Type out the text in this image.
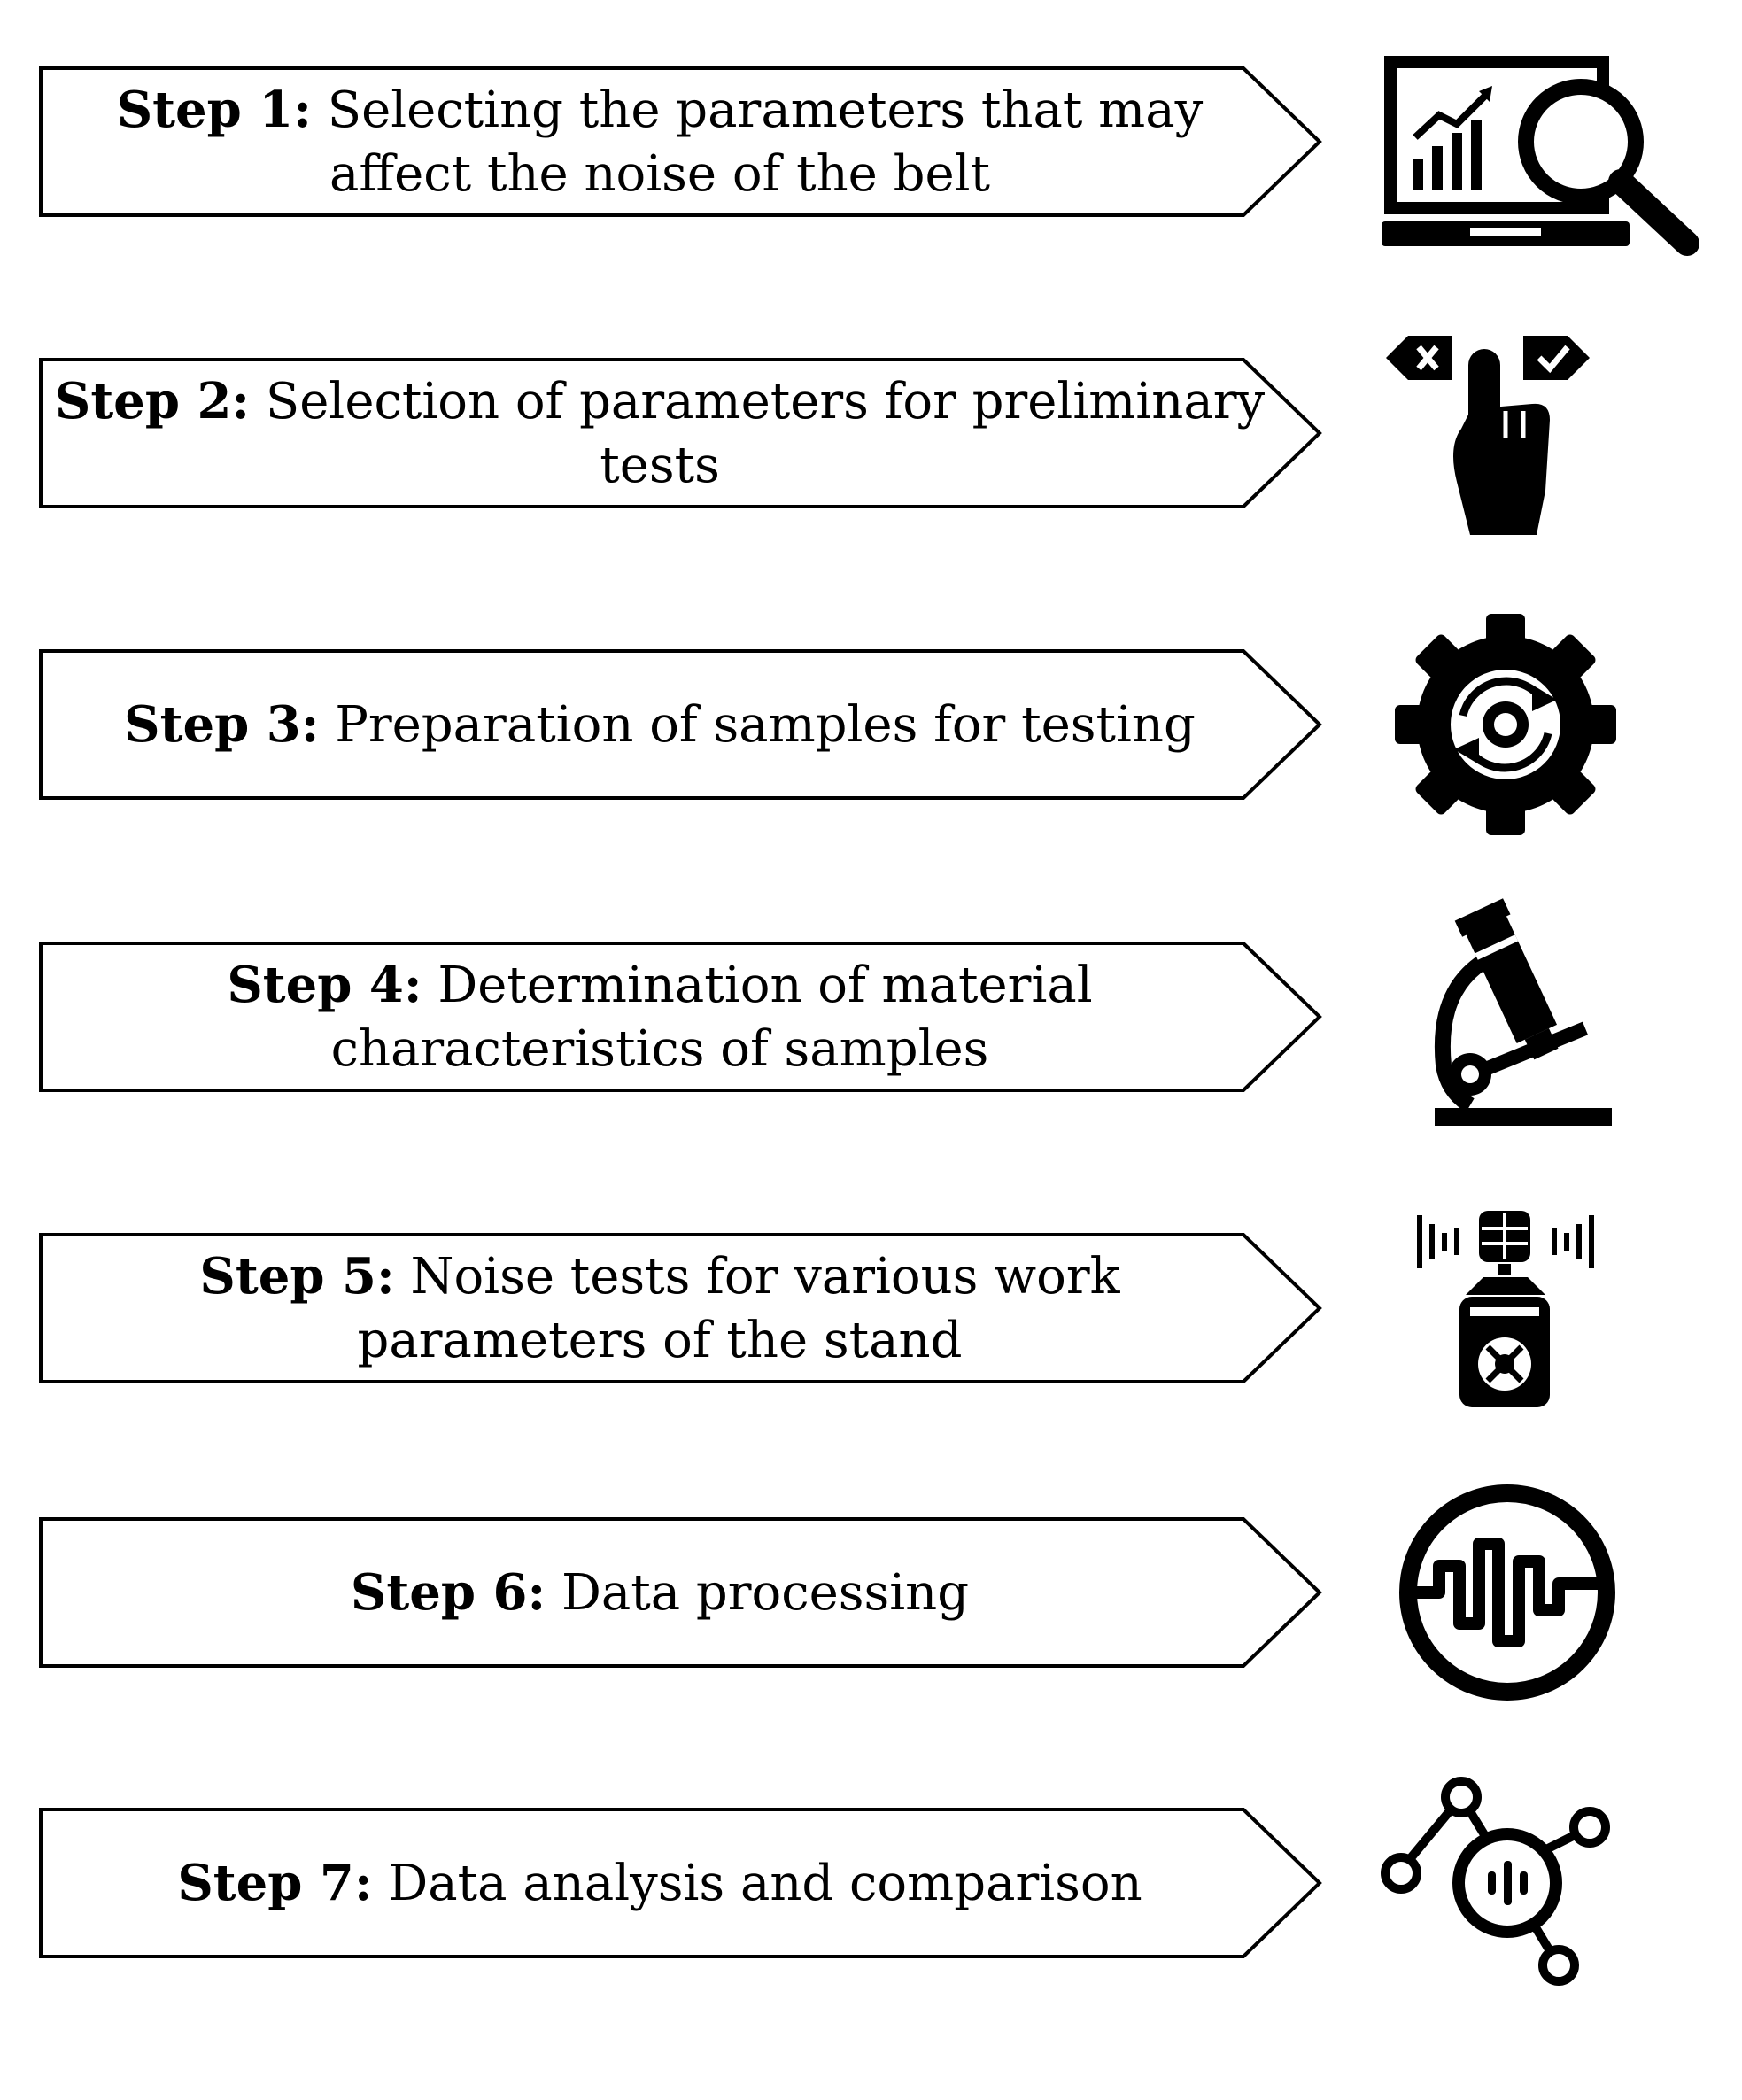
Step 1: Selecting the parameters that may affect the noise of the belt
Step 2: Selection of parameters for preliminary tests
Step 3: Preparation of samples for testing
Step 4: Determination of material characteristics of samples
Step 5: Noise tests for various work parameters of the stand
Step 6: Data processing
Step 7: Data analysis and comparison
